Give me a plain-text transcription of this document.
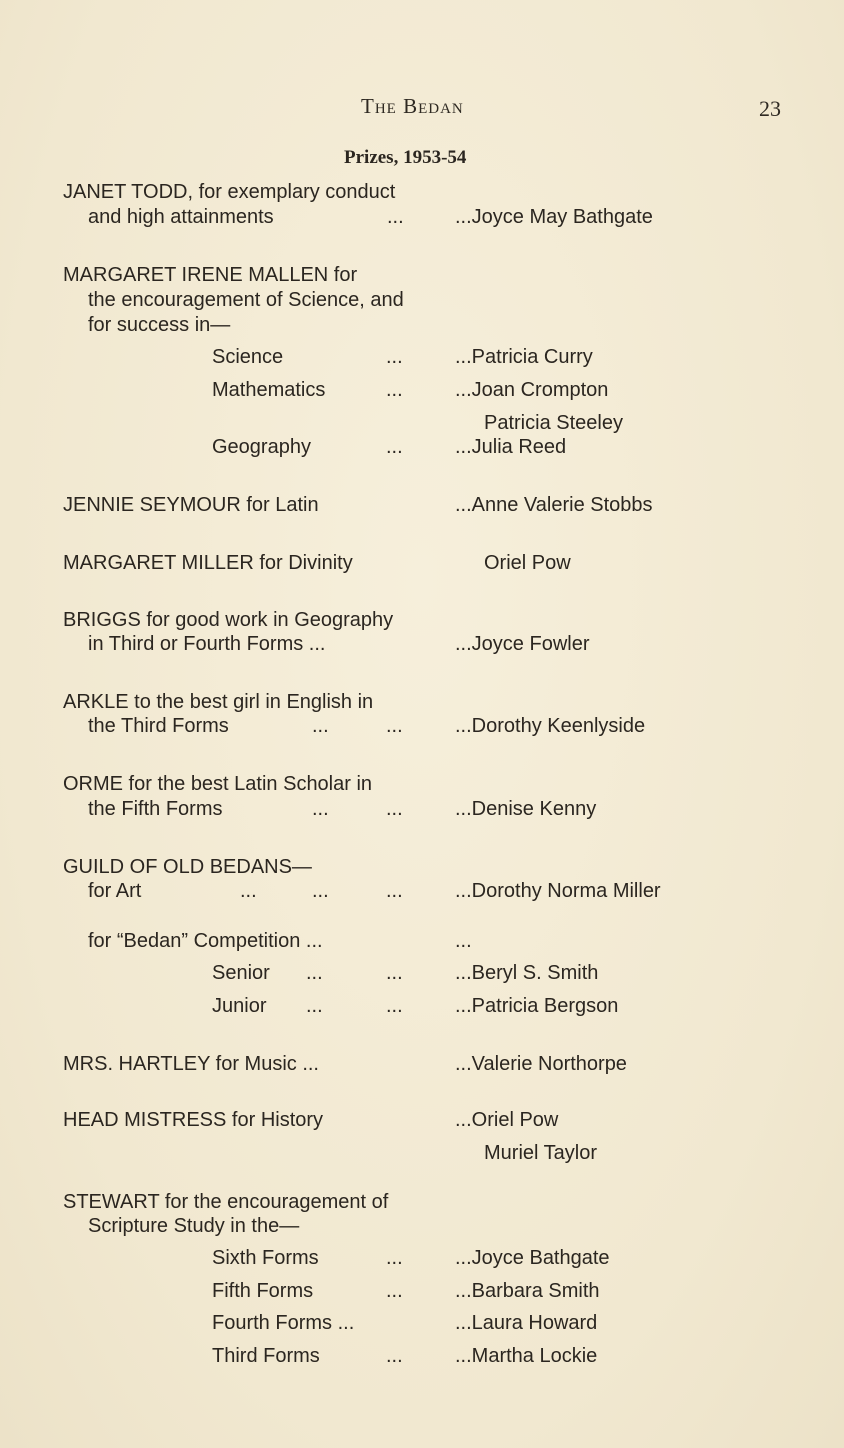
The Bedan	23
Prizes, 1953-54
JANET TODD, for exemplary conduct
and high attainments	...	...Joyce May Bathgate
MARGARET IRENE MALLEN for
the encouragement of Science, and
for success in—
Science	...	...Patricia Curry
Mathematics	...	...Joan Crompton
Patricia Steeley
Geography	...	...Julia Reed
JENNIE SEYMOUR for Latin	...Anne Valerie Stobbs
MARGARET MILLER for Divinity	Oriel Pow
BRIGGS for good work in Geography
in Third or Fourth Forms ...	...Joyce Fowler
ARKLE to the best girl in English in
the Third Forms	...	...	...Dorothy Keenlyside
ORME for the best Latin Scholar in
the Fifth Forms	...	...	...Denise Kenny
GUILD OF OLD BEDANS—
for Art	...	...	...	...Dorothy Norma Miller
for “Bedan” Competition ...	...
Senior ...	...	...Beryl S. Smith
Junior ...	...	...Patricia Bergson
MRS. HARTLEY for Music ...	...Valerie Northorpe
HEAD MISTRESS for History	...Oriel Pow
Muriel Taylor
STEWART for the encouragement of
Scripture Study in the—
Sixth Forms	...	...Joyce Bathgate
Fifth Forms	...	...Barbara Smith
Fourth Forms ...	...Laura Howard
Third Forms	...	...Martha Lockie
